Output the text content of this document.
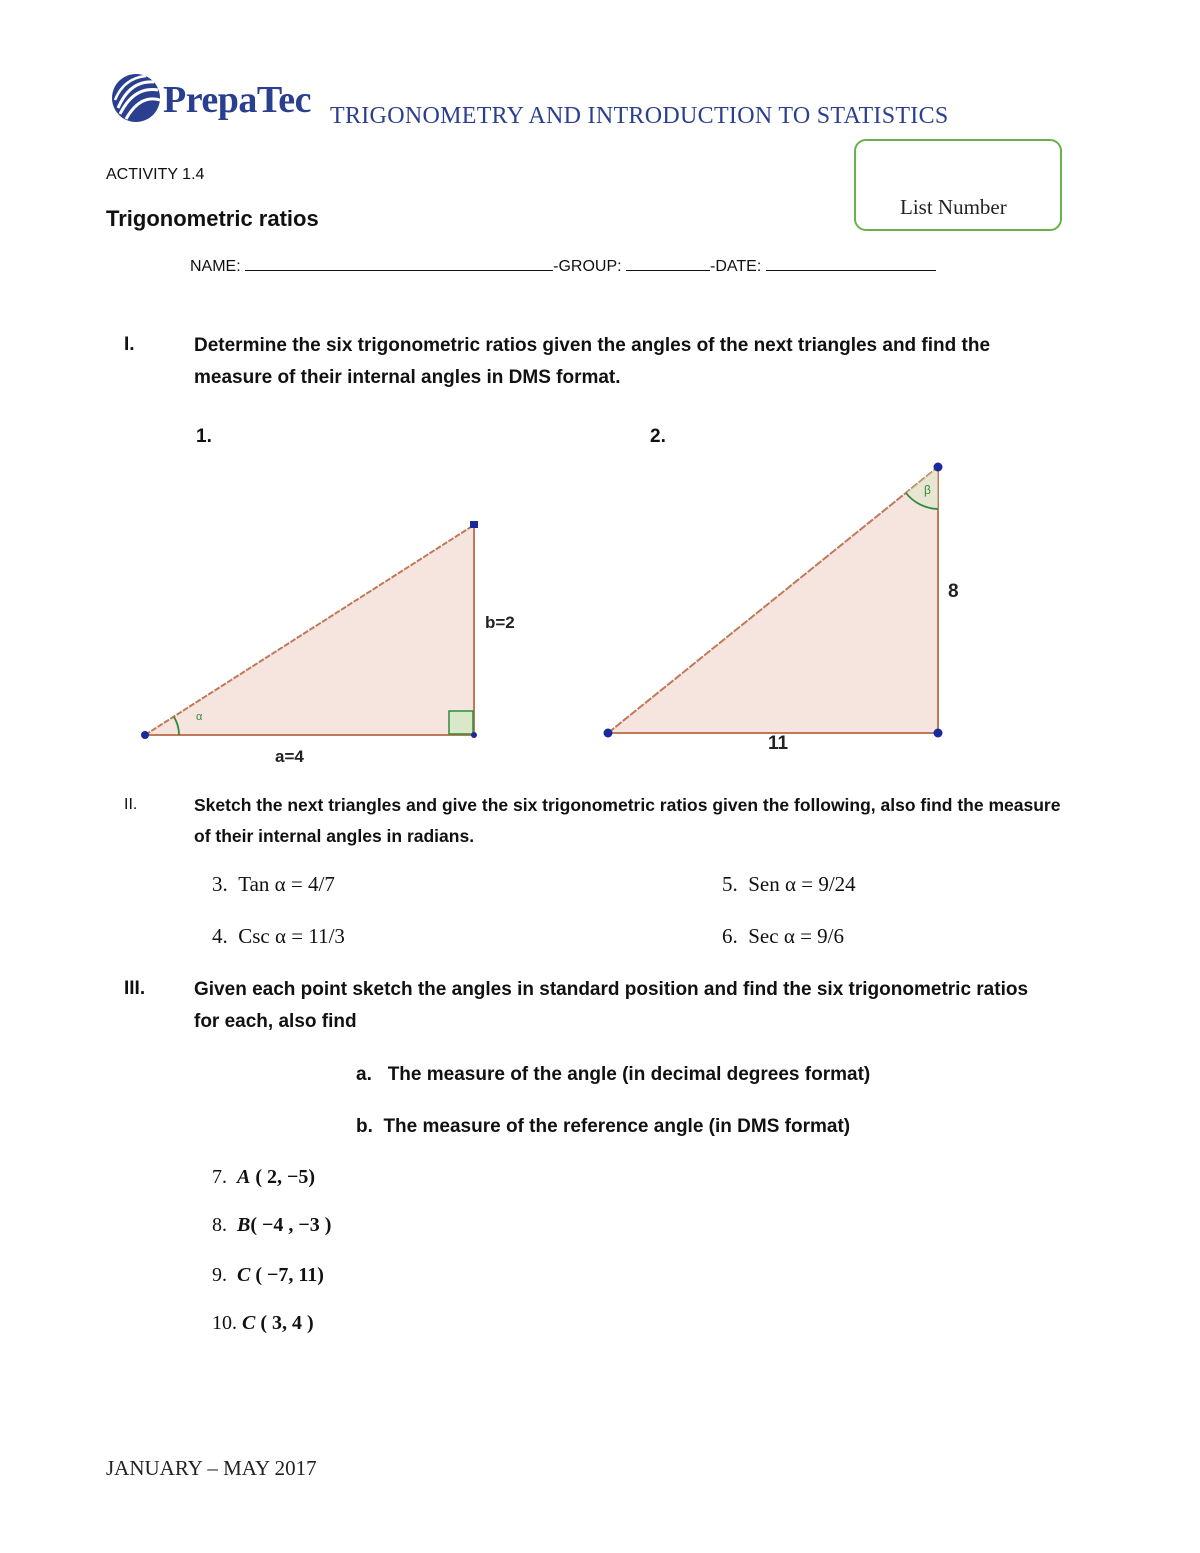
PrepaTec TRIGONOMETRY AND INTRODUCTION TO STATISTICS
List Number
ACTIVITY 1.4
Trigonometric ratios
NAME:	-GROUP:	-DATE:
I.	Determine the six trigonometric ratios given the angles of the next triangles and find the measure of their internal angles in DMS format.
1.	2.
α
b=2
a=4
β
8
11
II.	Sketch the next triangles and give the six trigonometric ratios given the following, also find the measure of their internal angles in radians.
3. Tan α = 4/7
4. Csc α = 11/3
5. Sen α = 9/24
6. Sec α = 9/6
III.	Given each point sketch the angles in standard position and find the six trigonometric ratios for each, also find
a. The measure of the angle (in decimal degrees format)
b. The measure of the reference angle (in DMS format)
7. A ( 2, −5)
8. B( −4 , −3 )
9. C ( −7, 11)
10. C ( 3, 4 )
JANUARY – MAY 2017
